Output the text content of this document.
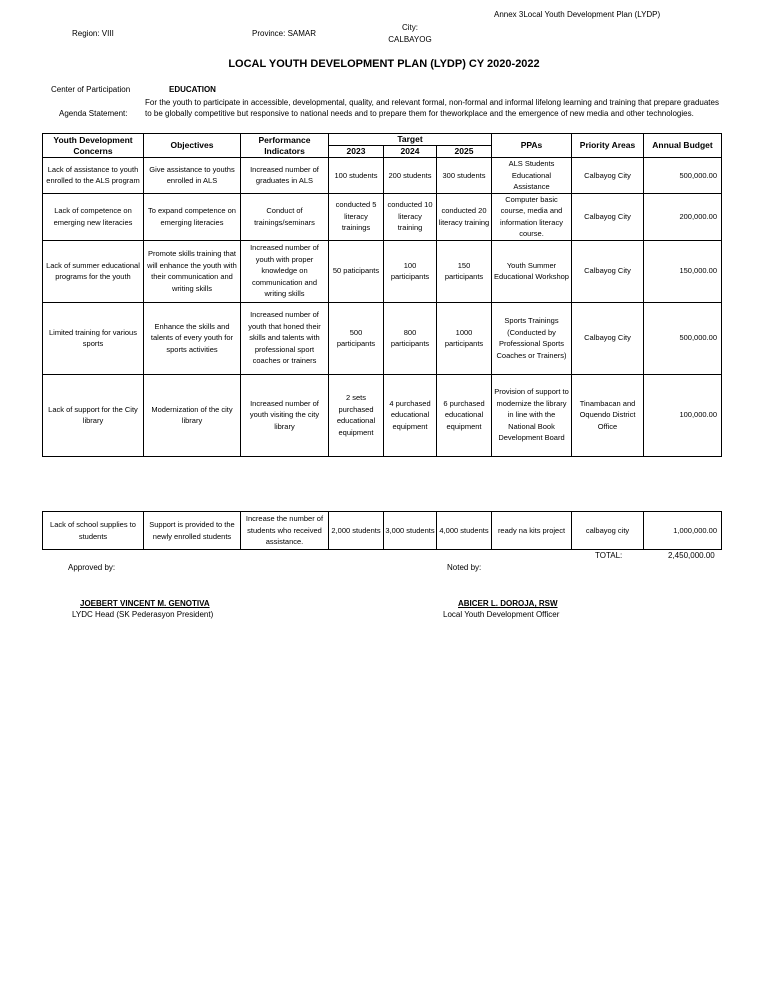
Annex 3Local Youth Development Plan (LYDP)
Region: VIII	Province: SAMAR
City:
CALBAYOG
LOCAL YOUTH DEVELOPMENT PLAN (LYDP) CY 2020-2022
Center of Participation	EDUCATION
Agenda Statement:
For the youth to participate in accessible, developmental, quality, and relevant formal, non-formal and informal lifelong learning and training that prepare graduates to be globally competitive but responsive to national needs and to prepare them for theworkplace and the emergence of new media and other technologies.
Youth Development Concerns	Objectives	Performance Indicators	Target			PPAs	Priority Areas	Annual Budget
			2023	2024	2025			
Lack of assistance to youth enrolled to the ALS program	Give assistance to youths enrolled in ALS	Increased number of graduates in ALS	100 students	200 students	300 students	ALS Students Educational Assistance	Calbayog City	500,000.00
Lack of competence on emerging new literacies	To expand competence on emerging literacies	Conduct of trainings/seminars	conducted 5 literacy trainings	conducted 10 literacy training	conducted 20 literacy training	Computer basic course, media and information literacy course.	Calbayog City	200,000.00
Lack of summer educational programs for the youth	Promote skills training that will enhance the youth with their communication and writing skills	Increased number of youth with proper knowledge on communication and writing skills	50 paticipants	100 participants	150 participants	Youth Summer Educational Workshop	Calbayog City	150,000.00
Limited training for various sports	Enhance the skills and talents of every youth for sports activities	Increased number of youth that honed their skills and talents with professional sport coaches or trainers	500 participants	800 participants	1000 participants	Sports Trainings (Conducted by Professional Sports Coaches or Trainers)	Calbayog City	500,000.00
Lack of support for the City library	Modernization of the city library	Increased number of youth visiting the city library	2 sets purchased educational equipment	4 purchased educational equipment	6 purchased educational equipment	Provision of support to modernize the library in line with the National Book Development Board	Tinambacan and Oquendo District Office	100,000.00
Lack of school supplies to students	Support is provided to the newly enrolled students	Increase the number of students who received assistance.	2,000 students	3,000 students	4,000 students	ready na kits project	calbayog city	1,000,000.00
TOTAL:	2,450,000.00
Approved by:	Noted by:
JOEBERT VINCENT M. GENOTIVA
LYDC Head (SK Pederasyon President)
ABICER L. DOROJA, RSW
Local Youth Development Officer
